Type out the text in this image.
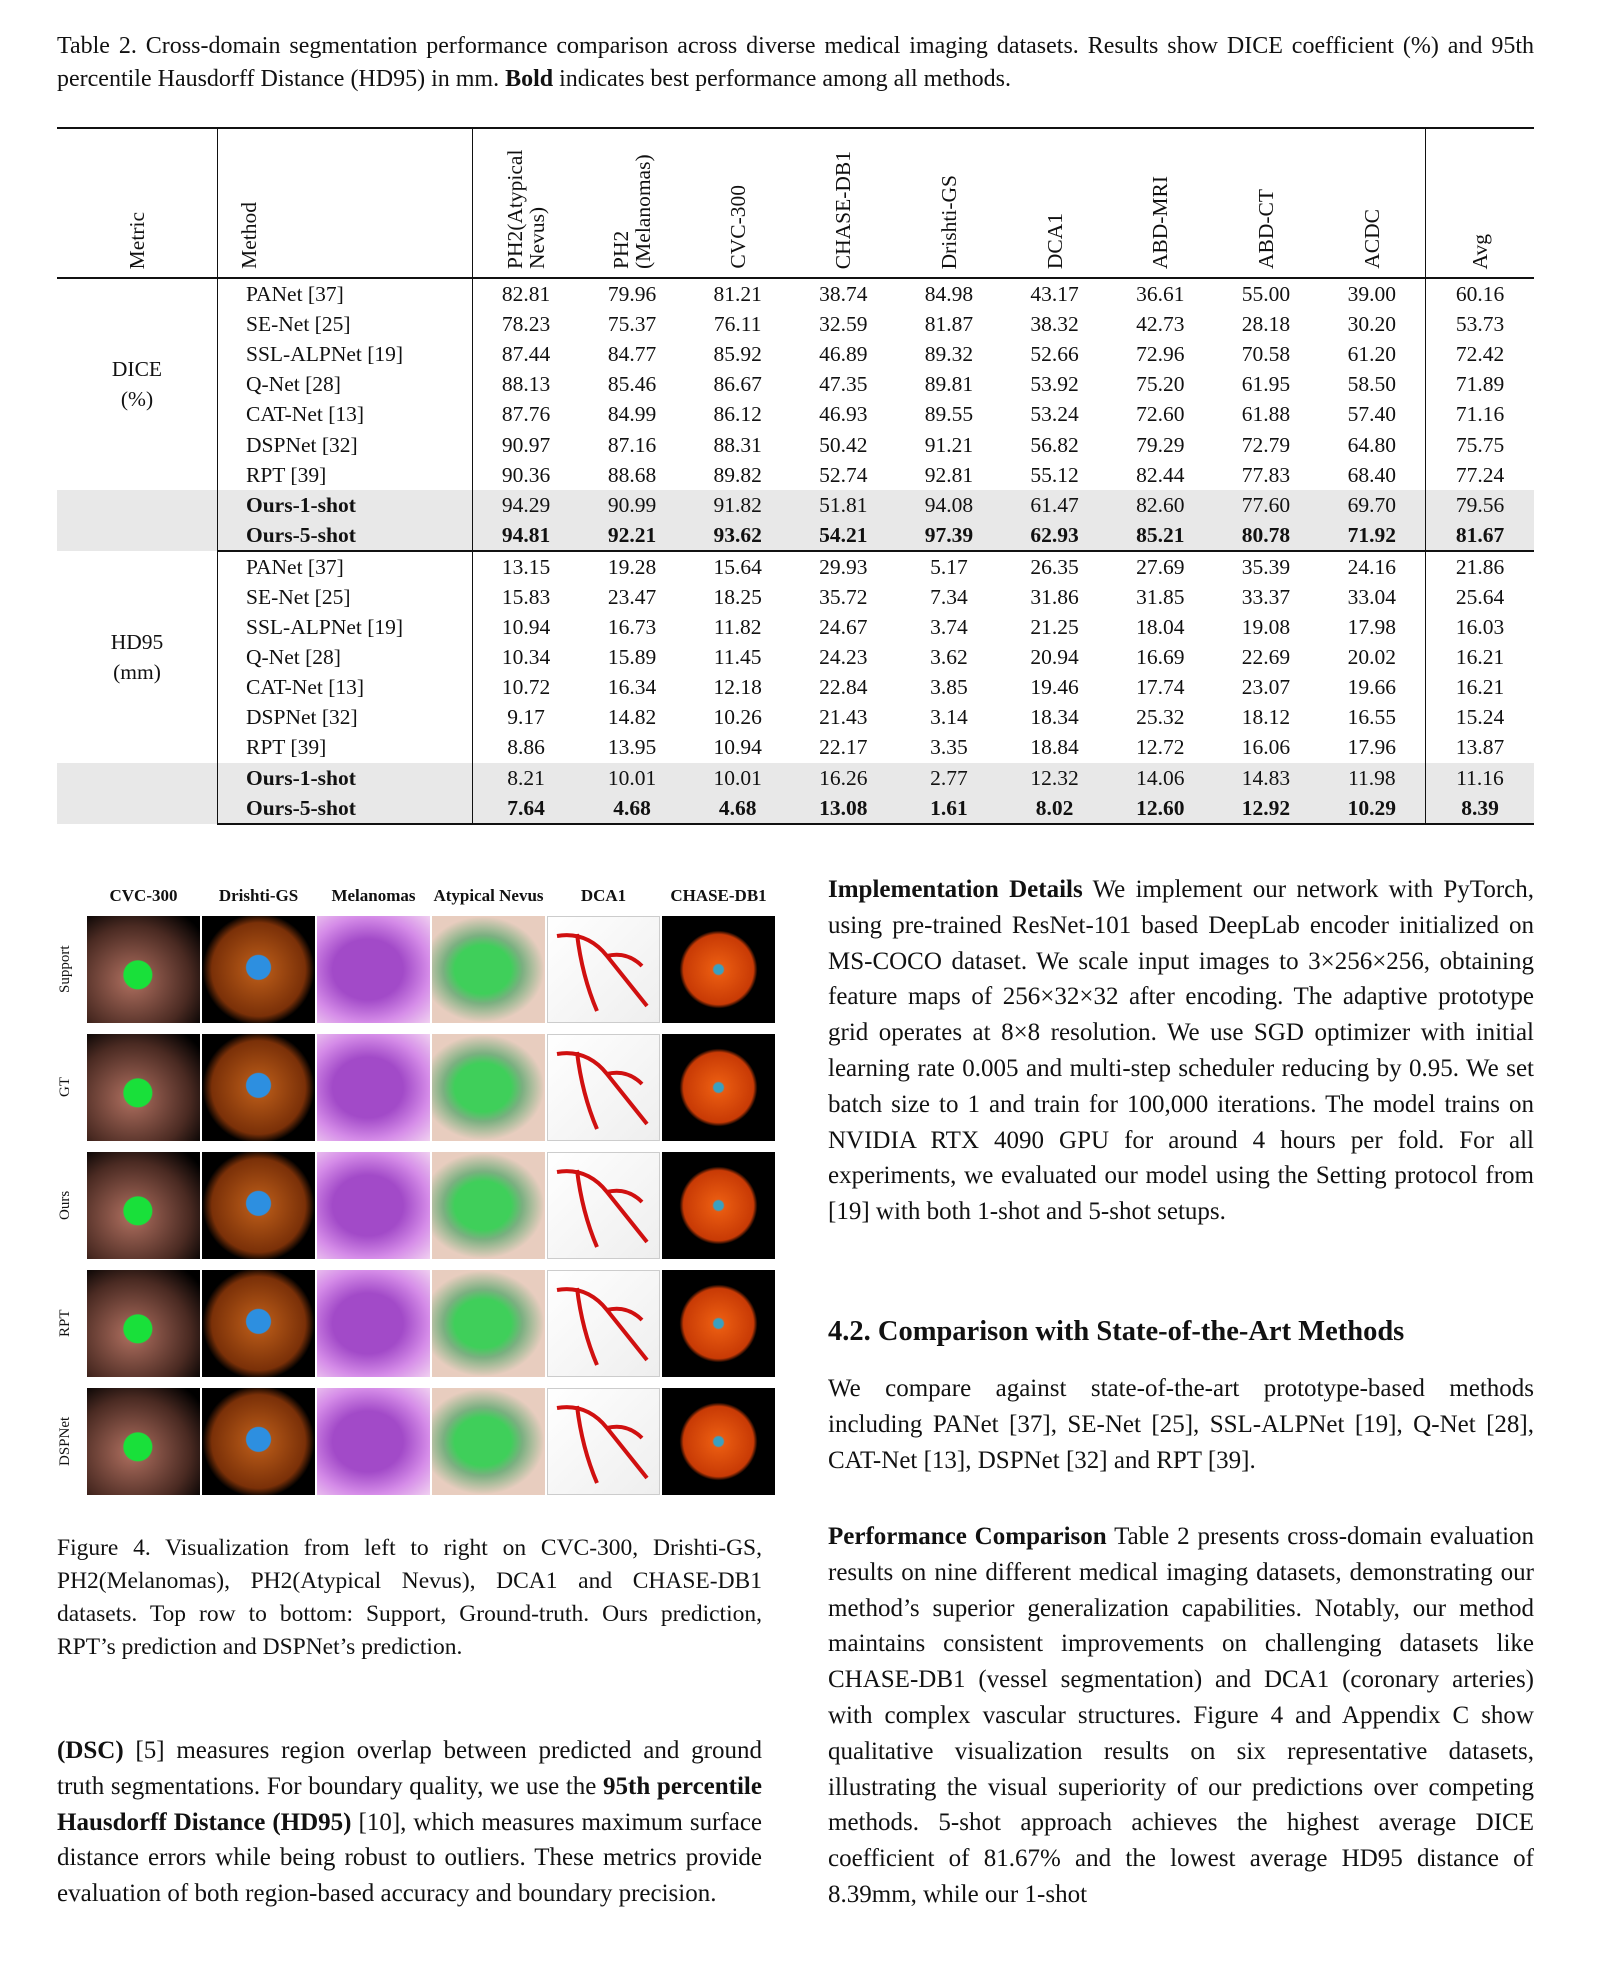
Table 2. Cross-domain segmentation performance comparison across diverse medical imaging datasets. Results show DICE coefficient (%) and 95th percentile Hausdorff Distance (HD95) in mm. Bold indicates best performance among all methods.
Metric	Method	PH2(Atypical Nevus)	PH2 (Melanomas)	CVC-300	CHASE-DB1	Drishti-GS	DCA1	ABD-MRI	ABD-CT	ACDC	Avg

DICE
(%)	PANet [37]	82.81	79.96	81.21	38.74	84.98	43.17	36.61	55.00	39.00	60.16
	SE-Net [25]	78.23	75.37	76.11	32.59	81.87	38.32	42.73	28.18	30.20	53.73
	SSL-ALPNet [19]	87.44	84.77	85.92	46.89	89.32	52.66	72.96	70.58	61.20	72.42
	Q-Net [28]	88.13	85.46	86.67	47.35	89.81	53.92	75.20	61.95	58.50	71.89
	CAT-Net [13]	87.76	84.99	86.12	46.93	89.55	53.24	72.60	61.88	57.40	71.16
	DSPNet [32]	90.97	87.16	88.31	50.42	91.21	56.82	79.29	72.79	64.80	75.75
	RPT [39]	90.36	88.68	89.82	52.74	92.81	55.12	82.44	77.83	68.40	77.24
	Ours-1-shot	94.29	90.99	91.82	51.81	94.08	61.47	82.60	77.60	69.70	79.56
	Ours-5-shot	94.81	92.21	93.62	54.21	97.39	62.93	85.21	80.78	71.92	81.67

HD95
(mm)	PANet [37]	13.15	19.28	15.64	29.93	5.17	26.35	27.69	35.39	24.16	21.86
	SE-Net [25]	15.83	23.47	18.25	35.72	7.34	31.86	31.85	33.37	33.04	25.64
	SSL-ALPNet [19]	10.94	16.73	11.82	24.67	3.74	21.25	18.04	19.08	17.98	16.03
	Q-Net [28]	10.34	15.89	11.45	24.23	3.62	20.94	16.69	22.69	20.02	16.21
	CAT-Net [13]	10.72	16.34	12.18	22.84	3.85	19.46	17.74	23.07	19.66	16.21
	DSPNet [32]	9.17	14.82	10.26	21.43	3.14	18.34	25.32	18.12	16.55	15.24
	RPT [39]	8.86	13.95	10.94	22.17	3.35	18.84	12.72	16.06	17.96	13.87
	Ours-1-shot	8.21	10.01	10.01	16.26	2.77	12.32	14.06	14.83	11.98	11.16
	Ours-5-shot	7.64	4.68	4.68	13.08	1.61	8.02	12.60	12.92	10.29	8.39
CVC-300	Drishti-GS	Melanomas	Atypical Nevus	DCA1	CHASE-DB1
Support
GT
Ours
RPT
DSPNet
Figure 4. Visualization from left to right on CVC-300, Drishti-GS, PH2(Melanomas), PH2(Atypical Nevus), DCA1 and CHASE-DB1 datasets. Top row to bottom: Support, Ground-truth. Ours prediction, RPT’s prediction and DSPNet’s prediction.
(DSC) [5] measures region overlap between predicted and ground truth segmentations. For boundary quality, we use the 95th percentile Hausdorff Distance (HD95) [10], which measures maximum surface distance errors while being robust to outliers. These metrics provide evaluation of both region-based accuracy and boundary precision.
Implementation Details We implement our network with PyTorch, using pre-trained ResNet-101 based DeepLab encoder initialized on MS-COCO dataset. We scale input images to 3×256×256, obtaining feature maps of 256×32×32 after encoding. The adaptive prototype grid operates at 8×8 resolution. We use SGD optimizer with initial learning rate 0.005 and multi-step scheduler reducing by 0.95. We set batch size to 1 and train for 100,000 iterations. The model trains on NVIDIA RTX 4090 GPU for around 4 hours per fold. For all experiments, we evaluated our model using the Setting protocol from [19] with both 1-shot and 5-shot setups.
4.2. Comparison with State-of-the-Art Methods
We compare against state-of-the-art prototype-based methods including PANet [37], SE-Net [25], SSL-ALPNet [19], Q-Net [28], CAT-Net [13], DSPNet [32] and RPT [39].
Performance Comparison Table 2 presents cross-domain evaluation results on nine different medical imaging datasets, demonstrating our method’s superior generalization capabilities. Notably, our method maintains consistent improvements on challenging datasets like CHASE-DB1 (vessel segmentation) and DCA1 (coronary arteries) with complex vascular structures. Figure 4 and Appendix C show qualitative visualization results on six representative datasets, illustrating the visual superiority of our predictions over competing methods. 5-shot approach achieves the highest average DICE coefficient of 81.67% and the lowest average HD95 distance of 8.39mm, while our 1-shot
